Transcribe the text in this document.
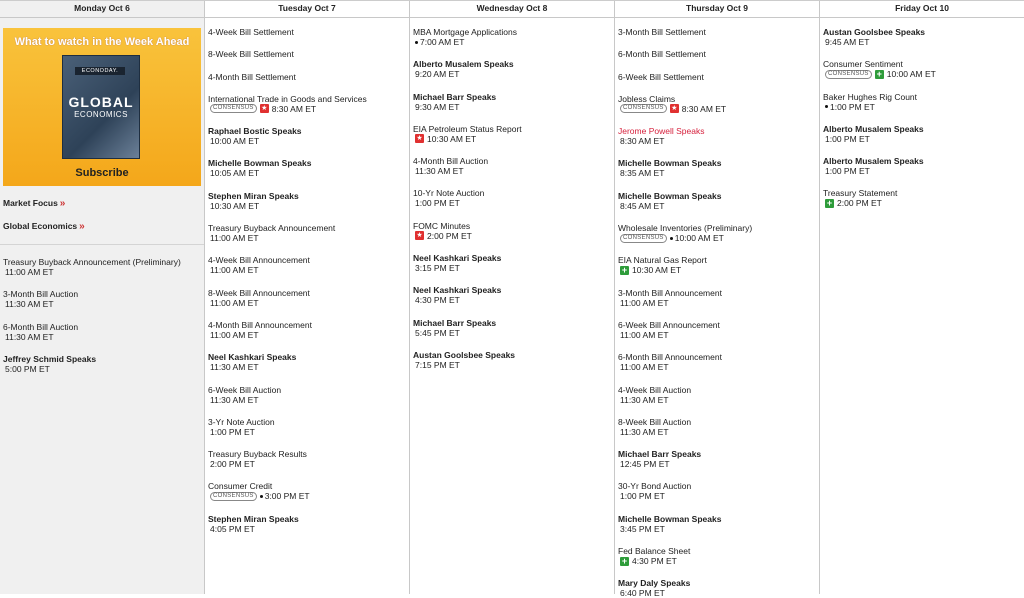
Monday Oct 6
What to watch in the Week Ahead
ECONODAY.
GLOBAL
ECONOMICS
Subscribe
Market Focus »
Global Economics »
Treasury Buyback Announcement (Preliminary)
11:00 AM ET
3-Month Bill Auction
11:30 AM ET
6-Month Bill Auction
11:30 AM ET
Jeffrey Schmid Speaks
5:00 PM ET
Tuesday Oct 7
4-Week Bill Settlement
8-Week Bill Settlement
4-Month Bill Settlement
International Trade in Goods and Services
CONSENSUS	★ 8:30 AM ET
Raphael Bostic Speaks
10:00 AM ET
Michelle Bowman Speaks
10:05 AM ET
Stephen Miran Speaks
10:30 AM ET
Treasury Buyback Announcement
11:00 AM ET
4-Week Bill Announcement
11:00 AM ET
8-Week Bill Announcement
11:00 AM ET
4-Month Bill Announcement
11:00 AM ET
Neel Kashkari Speaks
11:30 AM ET
6-Week Bill Auction
11:30 AM ET
3-Yr Note Auction
1:00 PM ET
Treasury Buyback Results
2:00 PM ET
Consumer Credit
CONSENSUS	3:00 PM ET
Stephen Miran Speaks
4:05 PM ET
Wednesday Oct 8
MBA Mortgage Applications
7:00 AM ET
Alberto Musalem Speaks
9:20 AM ET
Michael Barr Speaks
9:30 AM ET
EIA Petroleum Status Report
★ 10:30 AM ET
4-Month Bill Auction
11:30 AM ET
10-Yr Note Auction
1:00 PM ET
FOMC Minutes
★ 2:00 PM ET
Neel Kashkari Speaks
3:15 PM ET
Neel Kashkari Speaks
4:30 PM ET
Michael Barr Speaks
5:45 PM ET
Austan Goolsbee Speaks
7:15 PM ET
Thursday Oct 9
3-Month Bill Settlement
6-Month Bill Settlement
6-Week Bill Settlement
Jobless Claims
CONSENSUS	★ 8:30 AM ET
Jerome Powell Speaks
8:30 AM ET
Michelle Bowman Speaks
8:35 AM ET
Michelle Bowman Speaks
8:45 AM ET
Wholesale Inventories (Preliminary)
CONSENSUS	10:00 AM ET
EIA Natural Gas Report
+ 10:30 AM ET
3-Month Bill Announcement
11:00 AM ET
6-Week Bill Announcement
11:00 AM ET
6-Month Bill Announcement
11:00 AM ET
4-Week Bill Auction
11:30 AM ET
8-Week Bill Auction
11:30 AM ET
Michael Barr Speaks
12:45 PM ET
30-Yr Bond Auction
1:00 PM ET
Michelle Bowman Speaks
3:45 PM ET
Fed Balance Sheet
+ 4:30 PM ET
Mary Daly Speaks
6:40 PM ET
Friday Oct 10
Austan Goolsbee Speaks
9:45 AM ET
Consumer Sentiment
CONSENSUS + 10:00 AM ET
Baker Hughes Rig Count
1:00 PM ET
Alberto Musalem Speaks
1:00 PM ET
Alberto Musalem Speaks
1:00 PM ET
Treasury Statement
+ 2:00 PM ET
